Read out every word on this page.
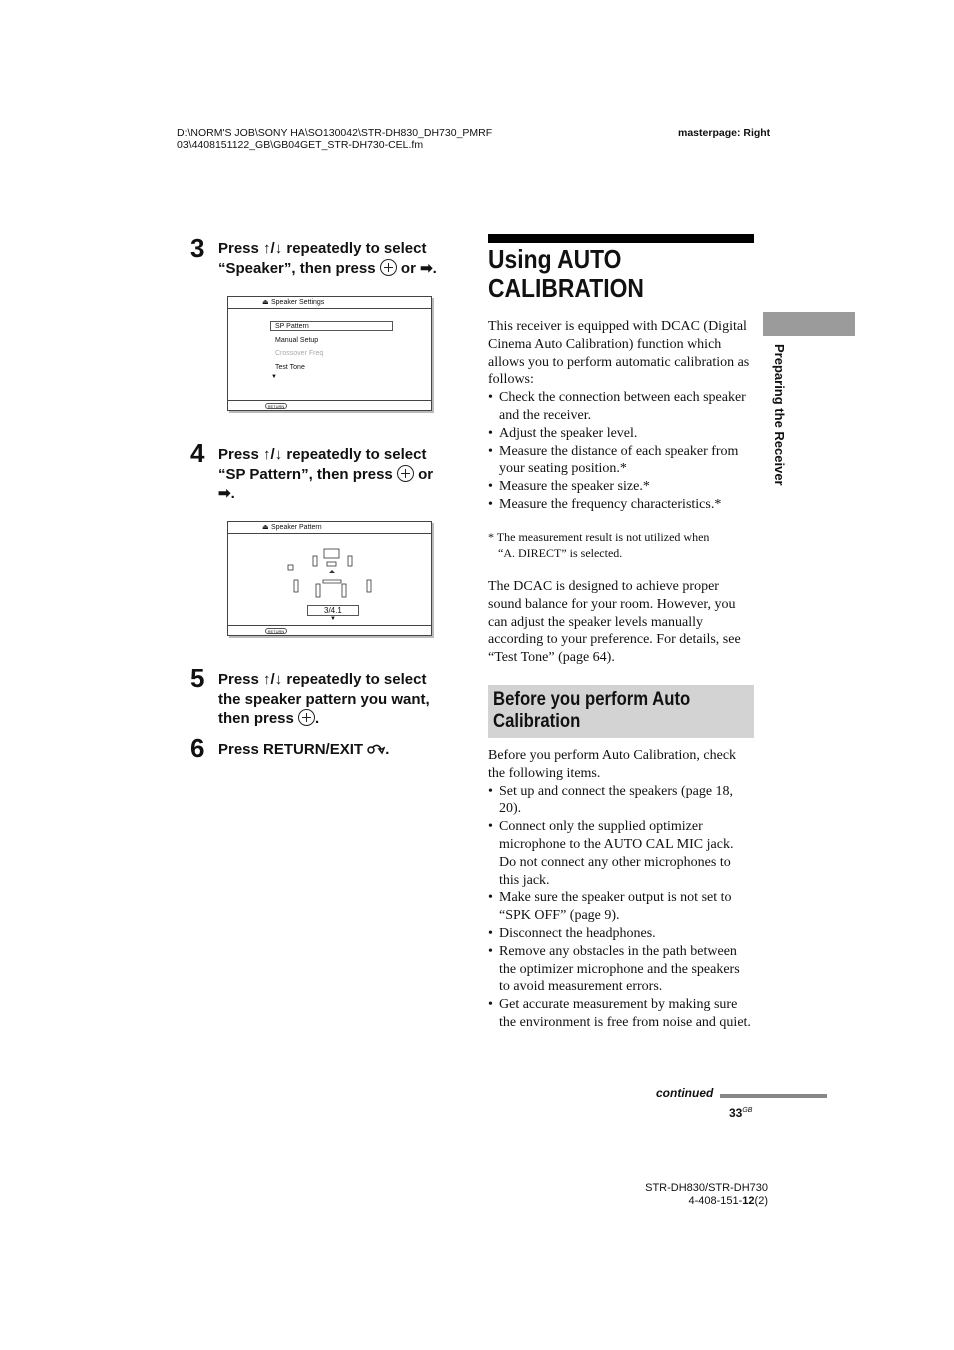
D:\NORM'S JOB\SONY HA\SO130042\STR-DH830_DH730_PMRF
03\4408151122_GB\GB04GET_STR-DH730-CEL.fm
masterpage: Right
3 Press ↑/↓ repeatedly to select
“Speaker”, then press or ➡.
⏏ Speaker Settings
SP Pattern
Manual Setup
Crossover Freq
Test Tone
▼
RETURN
4 Press ↑/↓ repeatedly to select
“SP Pattern”, then press or
➡.
⏏ Speaker Pattern
3/4.1
▼
RETURN
5 Press ↑/↓ repeatedly to select
the speaker pattern you want,
then press .
6 Press RETURN/EXIT .
Using AUTO
CALIBRATION

This receiver is equipped with DCAC (Digital Cinema Auto Calibration) function which allows you to perform automatic calibration as follows:

• Check the connection between each speaker and the receiver.
• Adjust the speaker level.
• Measure the distance of each speaker from your seating position.*
• Measure the speaker size.*
• Measure the frequency characteristics.*
* The measurement result is not utilized when
“A. DIRECT” is selected.
The DCAC is designed to achieve proper sound balance for your room. However, you can adjust the speaker levels manually according to your preference. For details, see “Test Tone” (page 64).
Before you perform Auto
Calibration

Before you perform Auto Calibration, check the following items.

• Set up and connect the speakers (page 18, 20).
• Connect only the supplied optimizer microphone to the AUTO CAL MIC jack. Do not connect any other microphones to this jack.
• Make sure the speaker output is not set to “SPK OFF” (page 9).
• Disconnect the headphones.
• Remove any obstacles in the path between the optimizer microphone and the speakers to avoid measurement errors.
• Get accurate measurement by making sure the environment is free from noise and quiet.
Preparing the Receiver
continued
$33^{GB}$
STR-DH830/STR-DH730
4-408-151-12(2)
